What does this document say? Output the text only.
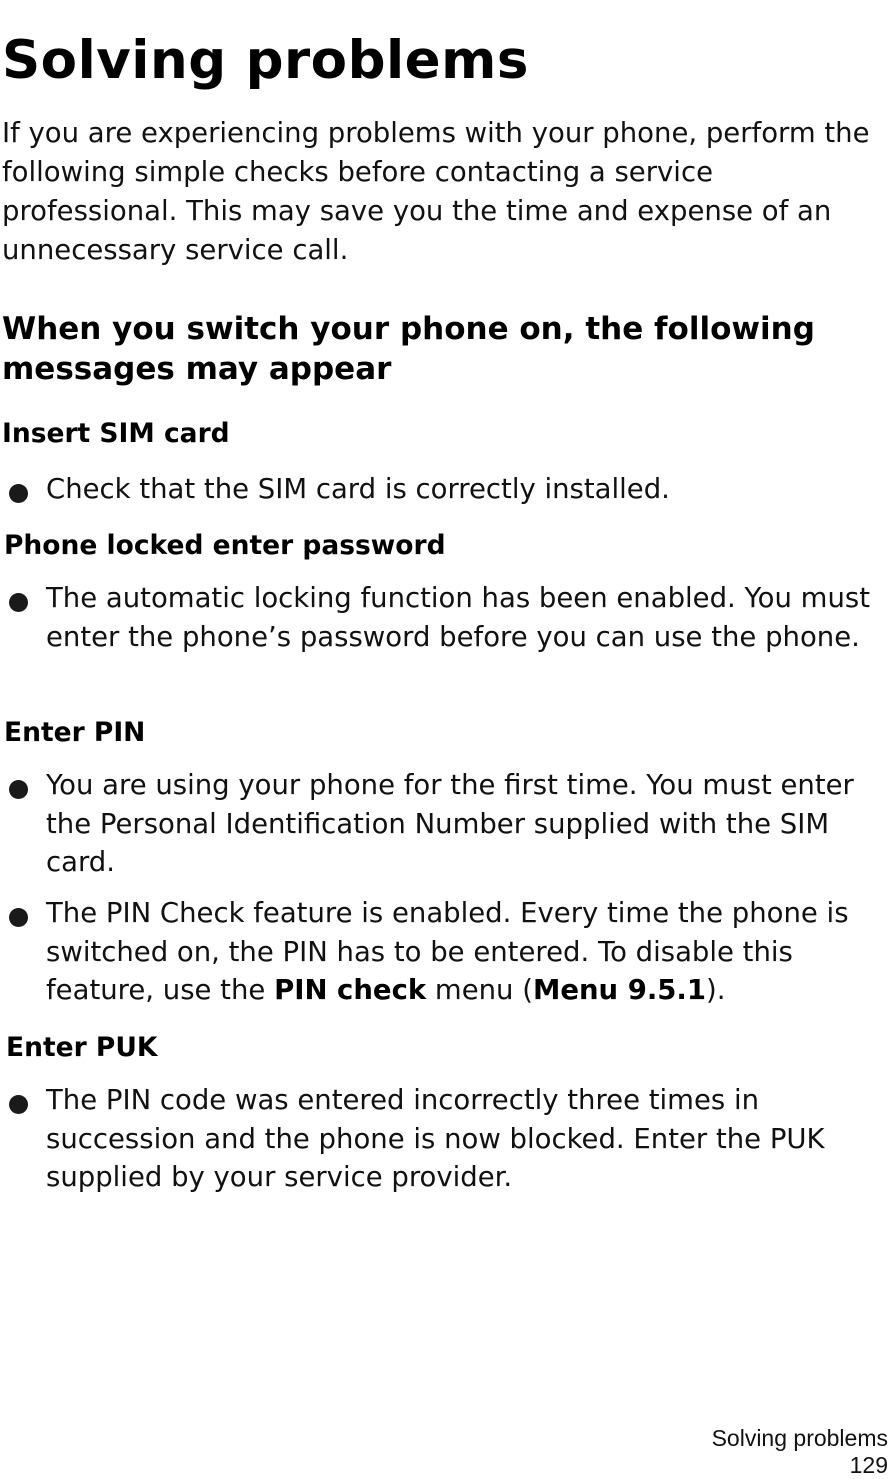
Solving problems

If you are experiencing problems with your phone, perform the following simple checks before contacting a service professional. This may save you the time and expense of an unnecessary service call.

When you switch your phone on, the following messages may appear
Insert SIM card

Check that the SIM card is correctly installed.

Phone locked enter password

The automatic locking function has been enabled. You must enter the phone’s password before you can use the phone.

Enter PIN

You are using your phone for the first time. You must enter the Personal Identification Number supplied with the SIM card.

The PIN Check feature is enabled. Every time the phone is switched on, the PIN has to be entered. To disable this feature, use the PIN check menu (Menu 9.5.1).

Enter PUK

The PIN code was entered incorrectly three times in succession and the phone is now blocked. Enter the PUK supplied by your service provider.

Solving problems
129
